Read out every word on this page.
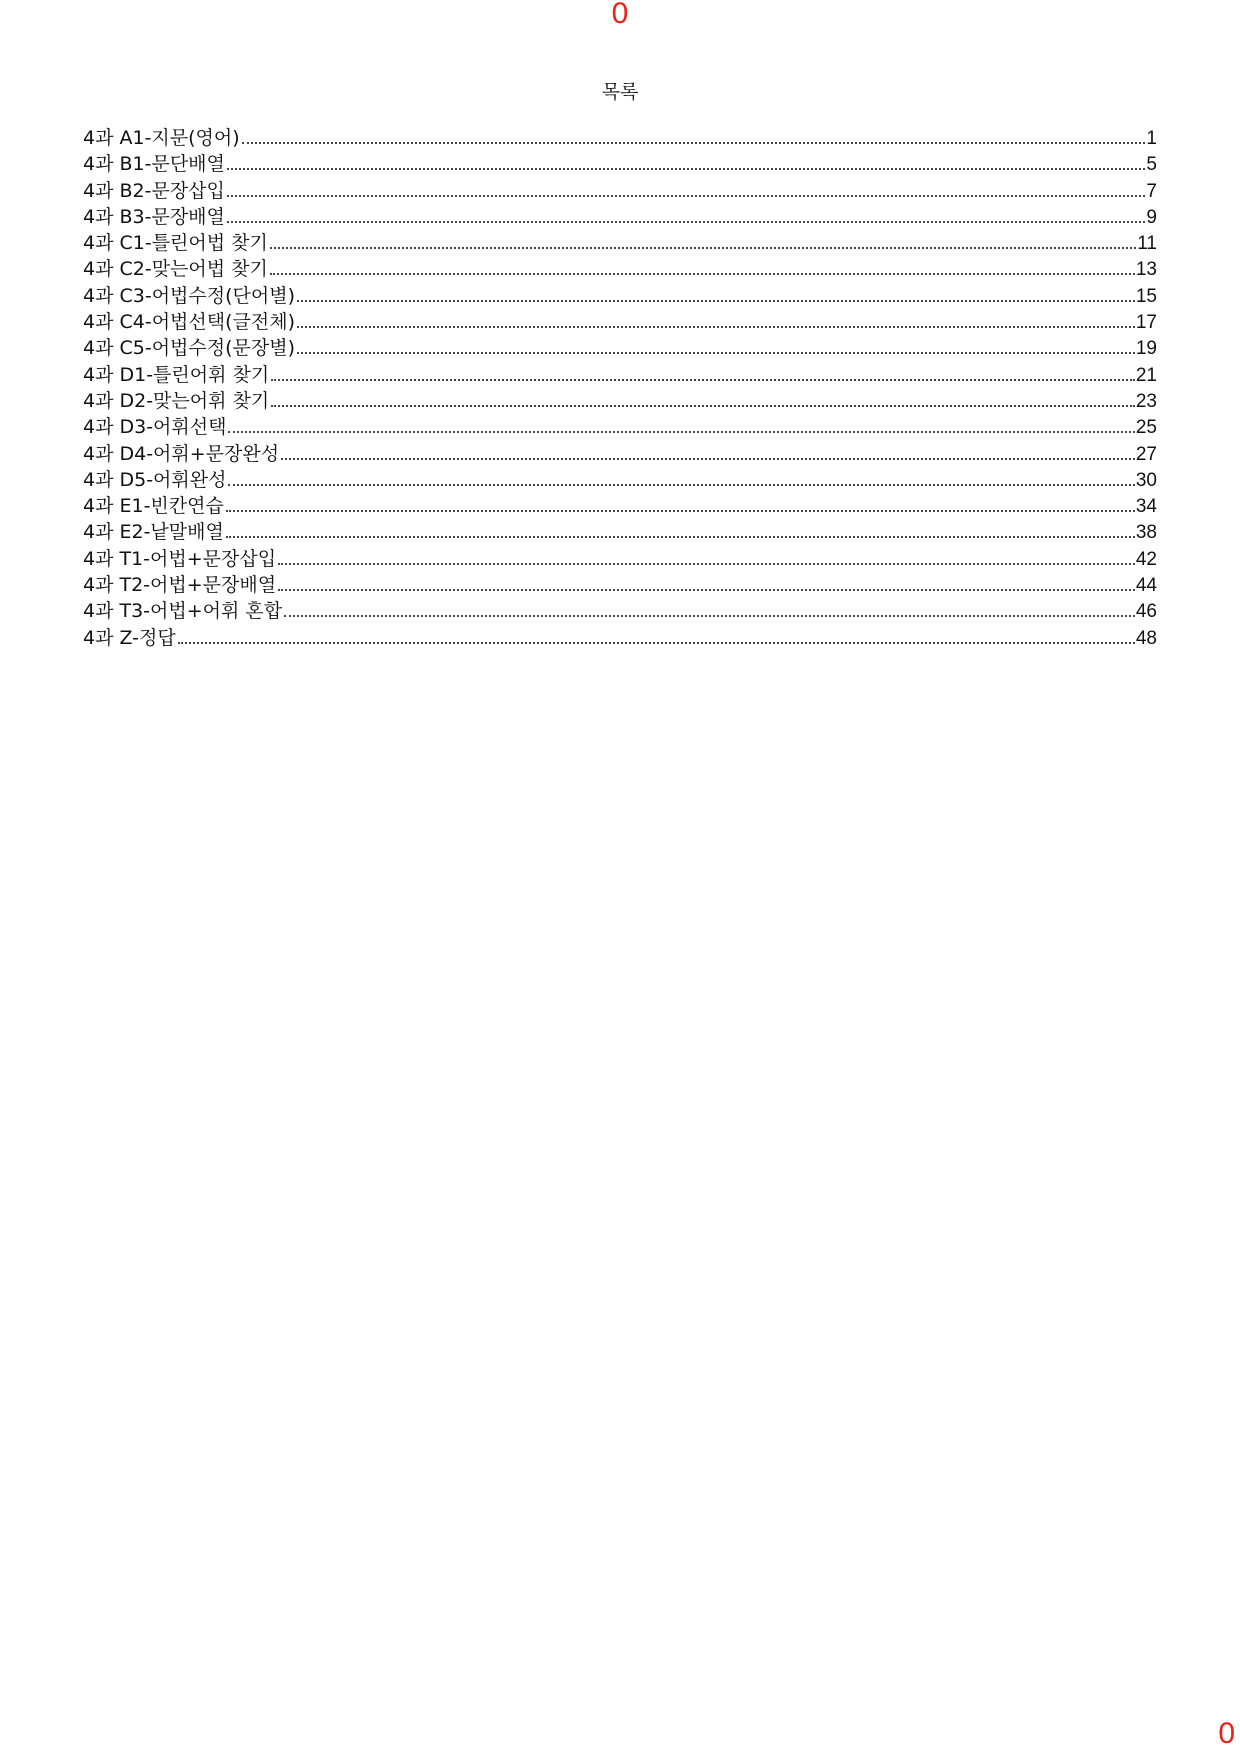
0
목록
4과 A1-지문(영어)	1
4과 B1-문단배열	5
4과 B2-문장삽입	7
4과 B3-문장배열	9
4과 C1-틀린어법 찾기	11
4과 C2-맞는어법 찾기	13
4과 C3-어법수정(단어별)	15
4과 C4-어법선택(글전체)	17
4과 C5-어법수정(문장별)	19
4과 D1-틀린어휘 찾기	21
4과 D2-맞는어휘 찾기	23
4과 D3-어휘선택	25
4과 D4-어휘+문장완성	27
4과 D5-어휘완성	30
4과 E1-빈칸연습	34
4과 E2-낱말배열	38
4과 T1-어법+문장삽입	42
4과 T2-어법+문장배열	44
4과 T3-어법+어휘 혼합	46
4과 Z-정답	48
0
